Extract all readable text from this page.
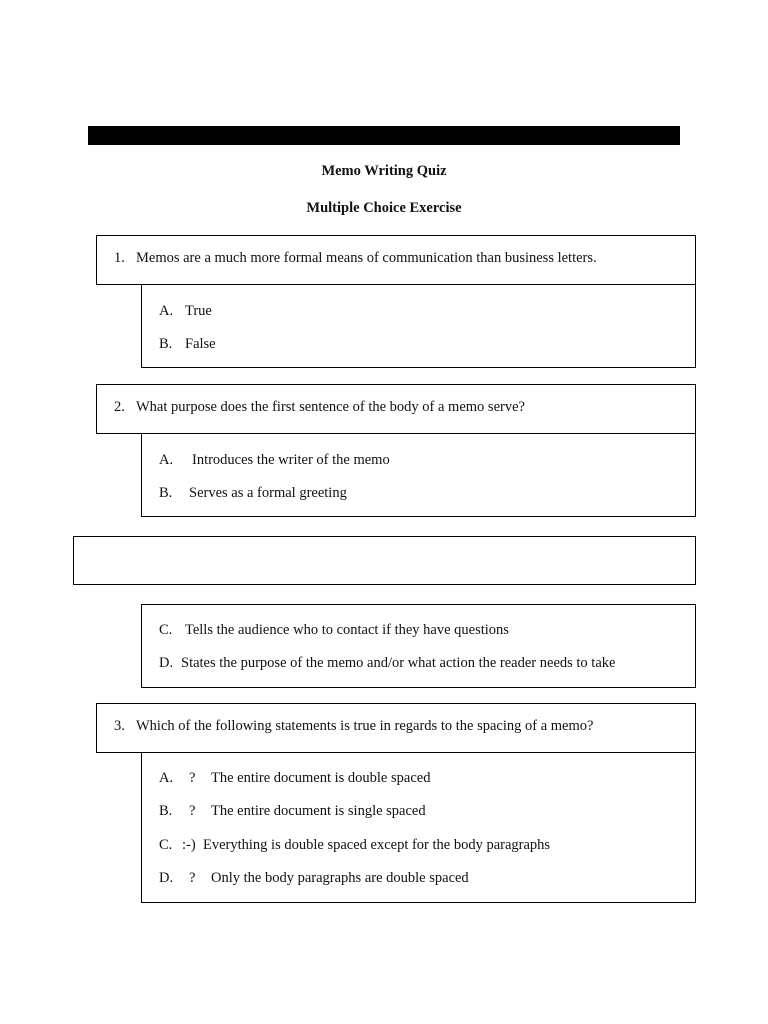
Memo Writing Quiz
Multiple Choice Exercise
1. Memos are a much more formal means of communication than business letters.
A. True
B. False
2. What purpose does the first sentence of the body of a memo serve?
A. Introduces the writer of the memo
B. Serves as a formal greeting
C. Tells the audience who to contact if they have questions
D. States the purpose of the memo and/or what action the reader needs to take
3. Which of the following statements is true in regards to the spacing of a memo?
A. ? The entire document is double spaced
B. ? The entire document is single spaced
C. :-) Everything is double spaced except for the body paragraphs
D. ? Only the body paragraphs are double spaced
